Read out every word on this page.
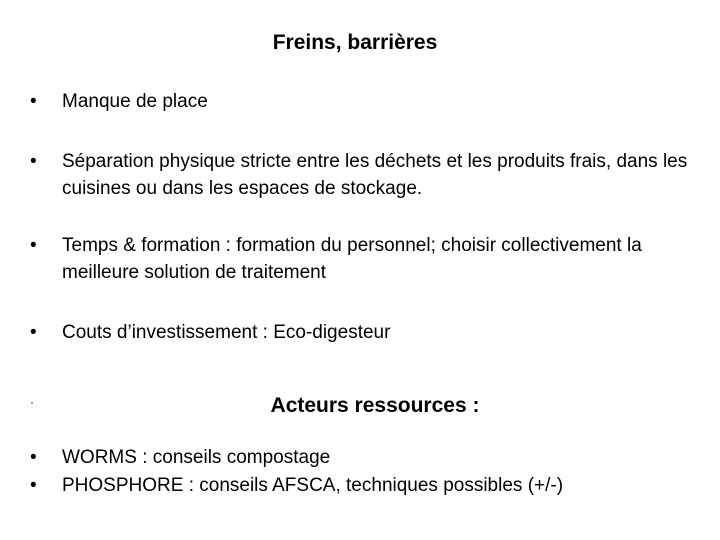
Freins, barrières
•	Manque de place
•	Séparation physique stricte entre les déchets et les produits frais, dans les cuisines ou dans les espaces de stockage.
•	Temps & formation : formation du personnel; choisir collectivement la meilleure solution de traitement
•	Couts d’investissement : Eco-digesteur
·	Acteurs ressources :
•	WORMS : conseils compostage
•	PHOSPHORE : conseils AFSCA, techniques possibles (+/-)
